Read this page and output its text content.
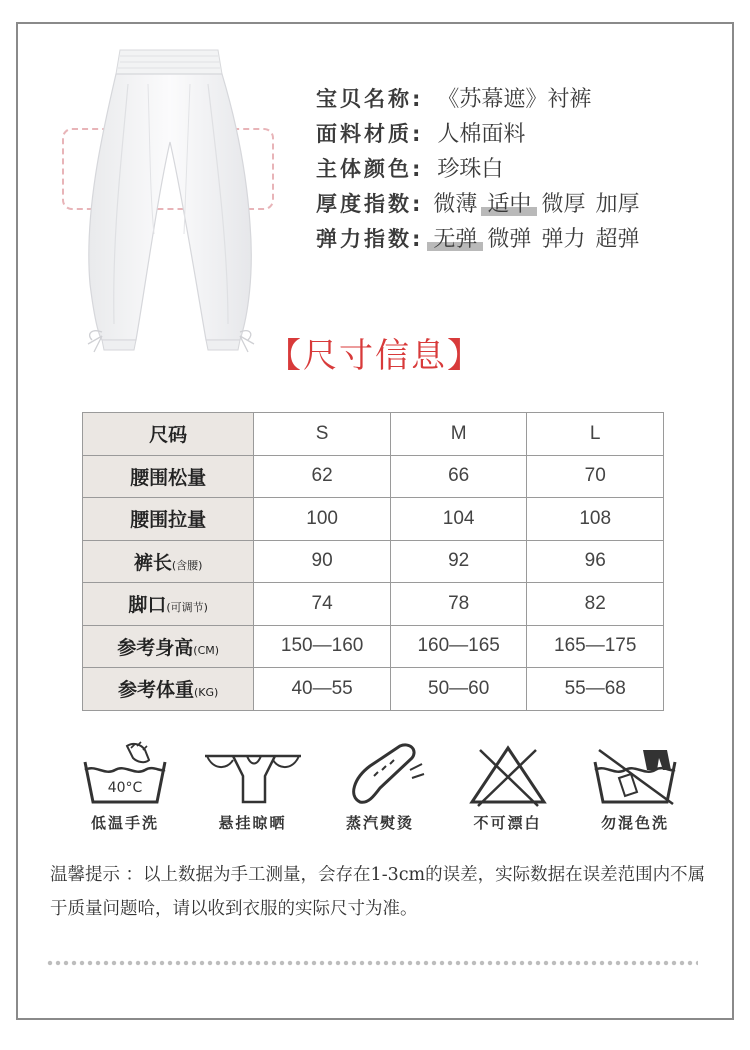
宝贝名称: 《苏幕遮》衬裤
面料材质: 人棉面料
主体颜色: 珍珠白
厚度指数: 微薄 适中 微厚 加厚
弹力指数: 无弹 微弹 弹力 超弹
【尺寸信息】
尺码	S	M	L
腰围松量	62	66	70
腰围拉量	100	104	108
裤长(含腰)	90	92	96
脚口(可调节)	74	78	82
参考身高(CM)	150—160	160—165	165—175
参考体重(KG)	40—55	50—60	55—68
40°C
低温手洗	悬挂晾晒	蒸汽熨烫	不可漂白	勿混色洗
温馨提示 ：以上数据为手工测量，会存在1-3cm的误差，实际数据在误差范围内不属于质量问题哈，请以收到衣服的实际尺寸为准。
